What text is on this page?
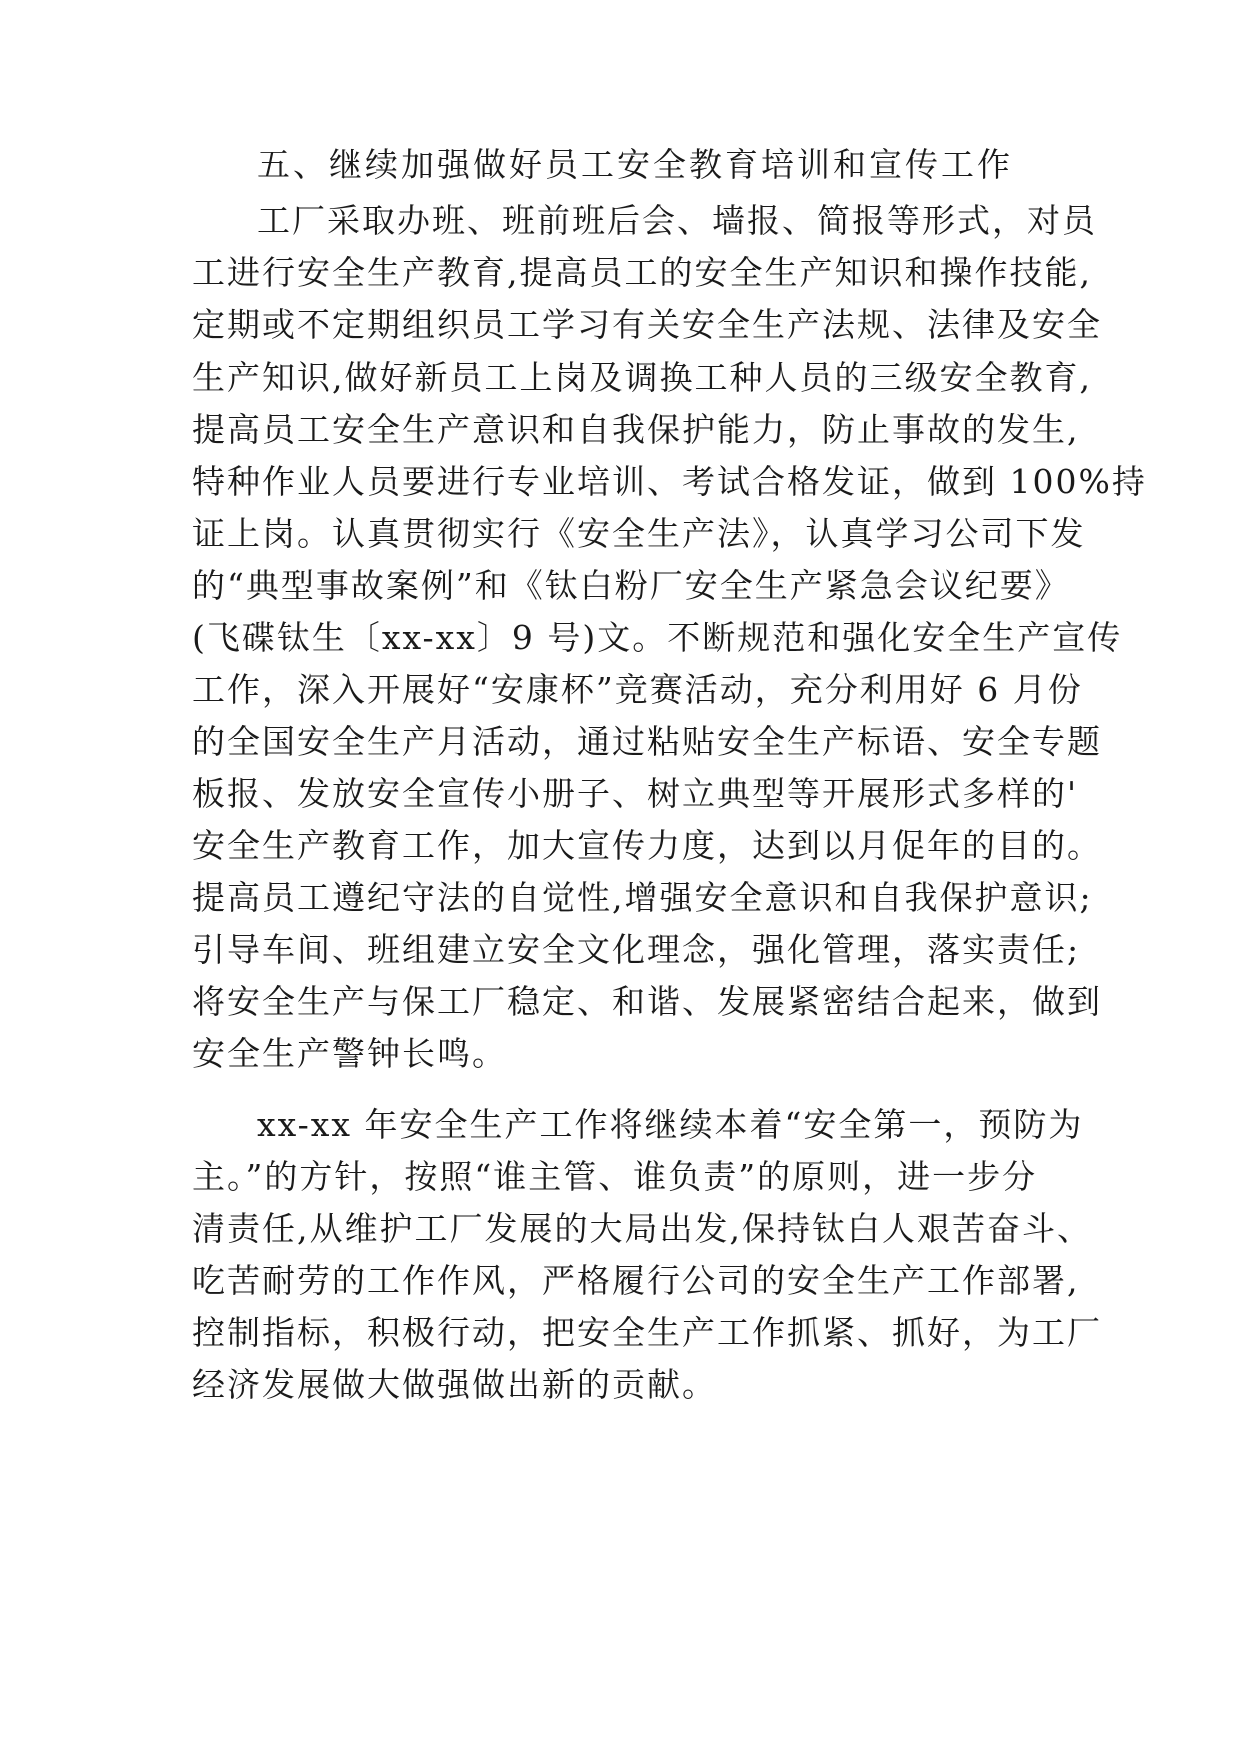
五、继续加强做好员工安全教育培训和宣传工作
工厂采取办班、班前班后会、墙报、简报等形式，对员
工进行安全生产教育,提高员工的安全生产知识和操作技能,
定期或不定期组织员工学习有关安全生产法规、法律及安全
生产知识,做好新员工上岗及调换工种人员的三级安全教育,
提高员工安全生产意识和自我保护能力，防止事故的发生,
特种作业人员要进行专业培训、考试合格发证，做到 100%持
证上岗。认真贯彻实行《安全生产法》，认真学习公司下发
的“典型事故案例”和《钛白粉厂安全生产紧急会议纪要》
(飞碟钛生〔xx-xx〕9 号)文。不断规范和强化安全生产宣传
工作，深入开展好“安康杯”竞赛活动，充分利用好 6 月份
的全国安全生产月活动，通过粘贴安全生产标语、安全专题
板报、发放安全宣传小册子、树立典型等开展形式多样的'
安全生产教育工作，加大宣传力度，达到以月促年的目的。
提高员工遵纪守法的自觉性,增强安全意识和自我保护意识;
引导车间、班组建立安全文化理念，强化管理，落实责任;
将安全生产与保工厂稳定、和谐、发展紧密结合起来，做到
安全生产警钟长鸣。
xx-xx 年安全生产工作将继续本着“安全第一，预防为
主。”的方针，按照“谁主管、谁负责”的原则，进一步分
清责任,从维护工厂发展的大局出发,保持钛白人艰苦奋斗、
吃苦耐劳的工作作风，严格履行公司的安全生产工作部署,
控制指标，积极行动，把安全生产工作抓紧、抓好，为工厂
经济发展做大做强做出新的贡献。
